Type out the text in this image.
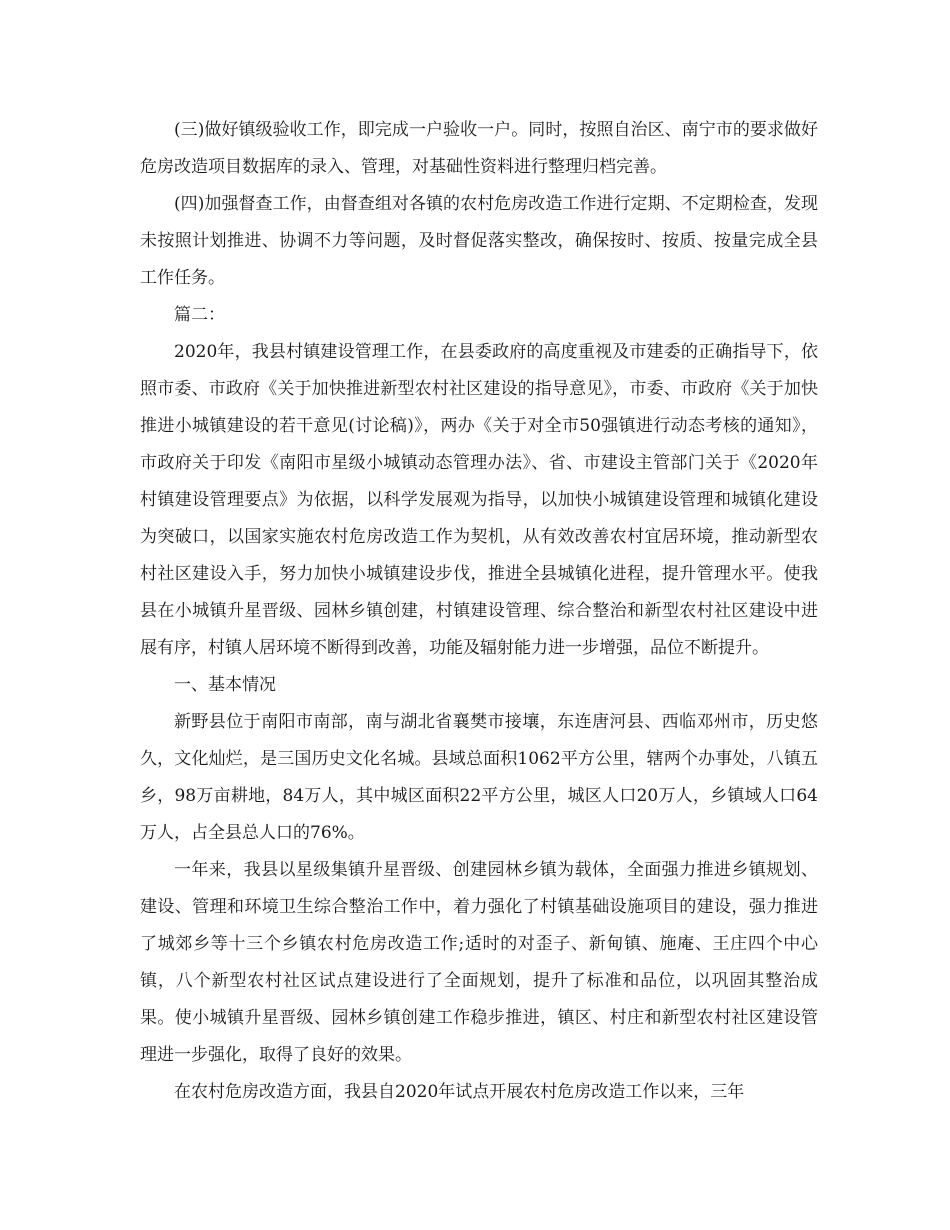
(三)做好镇级验收工作，即完成一户验收一户。同时，按照自治区、南宁市的要求做好危房改造项目数据库的录入、管理，对基础性资料进行整理归档完善。

(四)加强督查工作，由督查组对各镇的农村危房改造工作进行定期、不定期检查，发现未按照计划推进、协调不力等问题，及时督促落实整改，确保按时、按质、按量完成全县工作任务。

篇二：

2020年，我县村镇建设管理工作，在县委政府的高度重视及市建委的正确指导下，依照市委、市政府《关于加快推进新型农村社区建设的指导意见》，市委、市政府《关于加快推进小城镇建设的若干意见(讨论稿)》，两办《关于对全市50强镇进行动态考核的通知》，市政府关于印发《南阳市星级小城镇动态管理办法》、省、市建设主管部门关于《2020年村镇建设管理要点》为依据，以科学发展观为指导，以加快小城镇建设管理和城镇化建设为突破口，以国家实施农村危房改造工作为契机，从有效改善农村宜居环境，推动新型农村社区建设入手，努力加快小城镇建设步伐，推进全县城镇化进程，提升管理水平。使我县在小城镇升星晋级、园林乡镇创建，村镇建设管理、综合整治和新型农村社区建设中进展有序，村镇人居环境不断得到改善，功能及辐射能力进一步增强，品位不断提升。

一、基本情况

新野县位于南阳市南部，南与湖北省襄樊市接壤，东连唐河县、西临邓州市，历史悠久，文化灿烂，是三国历史文化名城。县域总面积1062平方公里，辖两个办事处，八镇五乡，98万亩耕地，84万人，其中城区面积22平方公里，城区人口20万人，乡镇域人口64万人，占全县总人口的76%。

一年来，我县以星级集镇升星晋级、创建园林乡镇为载体，全面强力推进乡镇规划、建设、管理和环境卫生综合整治工作中，着力强化了村镇基础设施项目的建设，强力推进了城郊乡等十三个乡镇农村危房改造工作;适时的对歪子、新甸镇、施庵、王庄四个中心镇，八个新型农村社区试点建设进行了全面规划，提升了标准和品位，以巩固其整治成果。使小城镇升星晋级、园林乡镇创建工作稳步推进，镇区、村庄和新型农村社区建设管理进一步强化，取得了良好的效果。

在农村危房改造方面，我县自2020年试点开展农村危房改造工作以来，三年
